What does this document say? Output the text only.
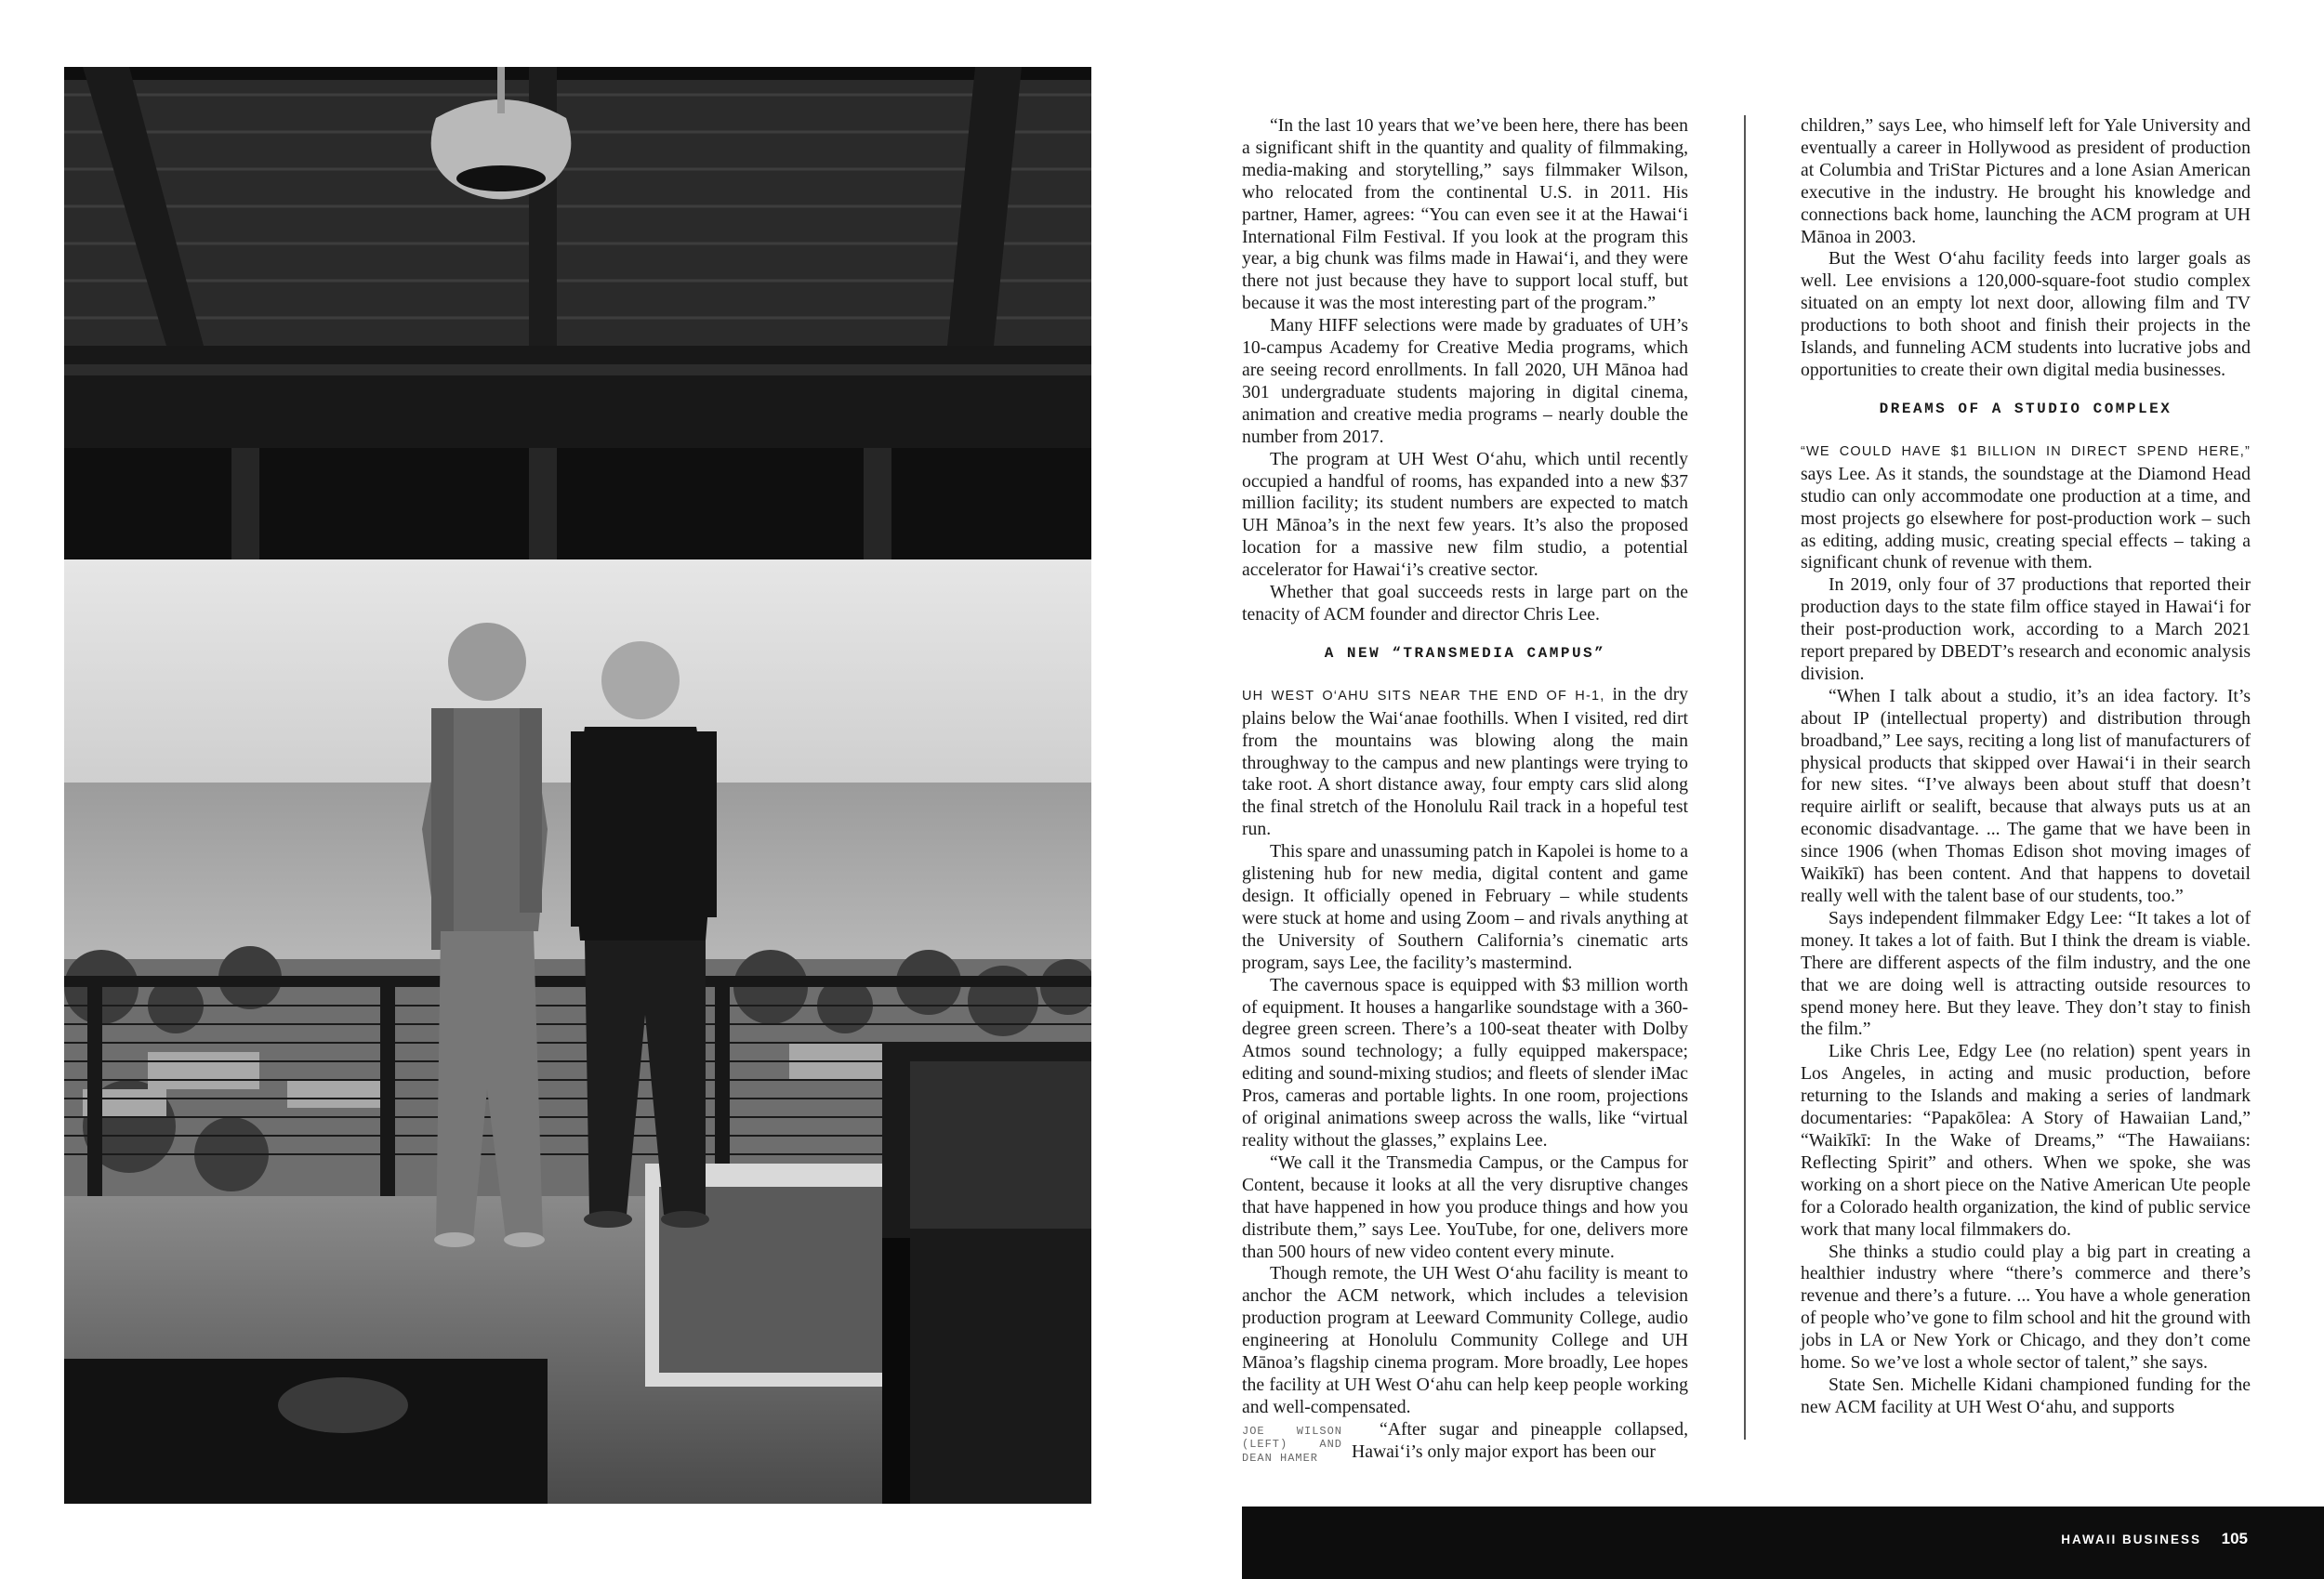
“In the last 10 years that we’ve been here, there has been a significant shift in the quantity and quality of filmmaking, media-making and storytelling,” says filmmaker Wilson, who relocated from the continental U.S. in 2011. His partner, Hamer, agrees: “You can even see it at the Hawai‘i International Film Festival. If you look at the program this year, a big chunk was films made in Hawai‘i, and they were there not just because they have to support local stuff, but because it was the most interesting part of the program.”

Many HIFF selections were made by graduates of UH’s 10-campus Academy for Creative Media programs, which are seeing record enrollments. In fall 2020, UH Mānoa had 301 undergraduate students majoring in digital cinema, animation and creative media programs – nearly double the number from 2017.

The program at UH West O‘ahu, which until recently occupied a handful of rooms, has expanded into a new $37 million facility; its student numbers are expected to match UH Mānoa’s in the next few years. It’s also the proposed location for a massive new film studio, a potential accelerator for Hawai‘i’s creative sector.

Whether that goal succeeds rests in large part on the tenacity of ACM founder and director Chris Lee.

A NEW “TRANSMEDIA CAMPUS”

UH WEST O‘AHU SITS NEAR THE END OF H-1, in the dry plains below the Wai‘anae foothills. When I visited, red dirt from the mountains was blowing along the main throughway to the campus and new plantings were trying to take root. A short distance away, four empty cars slid along the final stretch of the Honolulu Rail track in a hopeful test run.

This spare and unassuming patch in Kapolei is home to a glistening hub for new media, digital content and game design. It officially opened in February – while students were stuck at home and using Zoom – and rivals anything at the University of Southern California’s cinematic arts program, says Lee, the facility’s mastermind.

The cavernous space is equipped with $3 million worth of equipment. It houses a hangarlike soundstage with a 360-degree green screen. There’s a 100-seat theater with Dolby Atmos sound technology; a fully equipped makerspace; editing and sound-mixing studios; and fleets of slender iMac Pros, cameras and portable lights. In one room, projections of original animations sweep across the walls, like “virtual reality without the glasses,” explains Lee.

“We call it the Transmedia Campus, or the Campus for Content, because it looks at all the very disruptive changes that have happened in how you produce things and how you distribute them,” says Lee. YouTube, for one, delivers more than 500 hours of new video content every minute.

Though remote, the UH West O‘ahu facility is meant to anchor the ACM network, which includes a television production program at Leeward Community College, audio engineering at Honolulu Community College and UH Mānoa’s flagship cinema program. More broadly, Lee hopes the facility at UH West O‘ahu can help keep people working and well-compensated.

JOE WILSON (LEFT) AND DEAN HAMER

“After sugar and pineapple collapsed, Hawai‘i’s only major export has been our

children,” says Lee, who himself left for Yale University and eventually a career in Hollywood as president of production at Columbia and TriStar Pictures and a lone Asian American executive in the industry. He brought his knowledge and connections back home, launching the ACM program at UH Mānoa in 2003.

But the West O‘ahu facility feeds into larger goals as well. Lee envisions a 120,000-square-foot studio complex situated on an empty lot next door, allowing film and TV productions to both shoot and finish their projects in the Islands, and funneling ACM students into lucrative jobs and opportunities to create their own digital media businesses.

DREAMS OF A STUDIO COMPLEX

“WE COULD HAVE $1 BILLION IN DIRECT SPEND HERE,” says Lee. As it stands, the soundstage at the Diamond Head studio can only accommodate one production at a time, and most projects go elsewhere for post-production work – such as editing, adding music, creating special effects – taking a significant chunk of revenue with them.

In 2019, only four of 37 productions that reported their production days to the state film office stayed in Hawai‘i for their post-production work, according to a March 2021 report prepared by DBEDT’s research and economic analysis division.

“When I talk about a studio, it’s an idea factory. It’s about IP (intellectual property) and distribution through broadband,” Lee says, reciting a long list of manufacturers of physical products that skipped over Hawai‘i in their search for new sites. “I’ve always been about stuff that doesn’t require airlift or sealift, because that always puts us at an economic disadvantage. ... The game that we have been in since 1906 (when Thomas Edison shot moving images of Waikīkī) has been content. And that happens to dovetail really well with the talent base of our students, too.”

Says independent filmmaker Edgy Lee: “It takes a lot of money. It takes a lot of faith. But I think the dream is viable. There are different aspects of the film industry, and the one that we are doing well is attracting outside resources to spend money here. But they leave. They don’t stay to finish the film.”

Like Chris Lee, Edgy Lee (no relation) spent years in Los Angeles, in acting and music production, before returning to the Islands and making a series of landmark documentaries: “Papakōlea: A Story of Hawaiian Land,” “Waikīkī: In the Wake of Dreams,” “The Hawaiians: Reflecting Spirit” and others. When we spoke, she was working on a short piece on the Native American Ute people for a Colorado health organization, the kind of public service work that many local filmmakers do.

She thinks a studio could play a big part in creating a healthier industry where “there’s commerce and there’s revenue and there’s a future. ... You have a whole generation of people who’ve gone to film school and hit the ground with jobs in LA or New York or Chicago, and they don’t come home. So we’ve lost a whole sector of talent,” she says.

State Sen. Michelle Kidani championed funding for the new ACM facility at UH West O‘ahu, and supports

HAWAII BUSINESS 105
